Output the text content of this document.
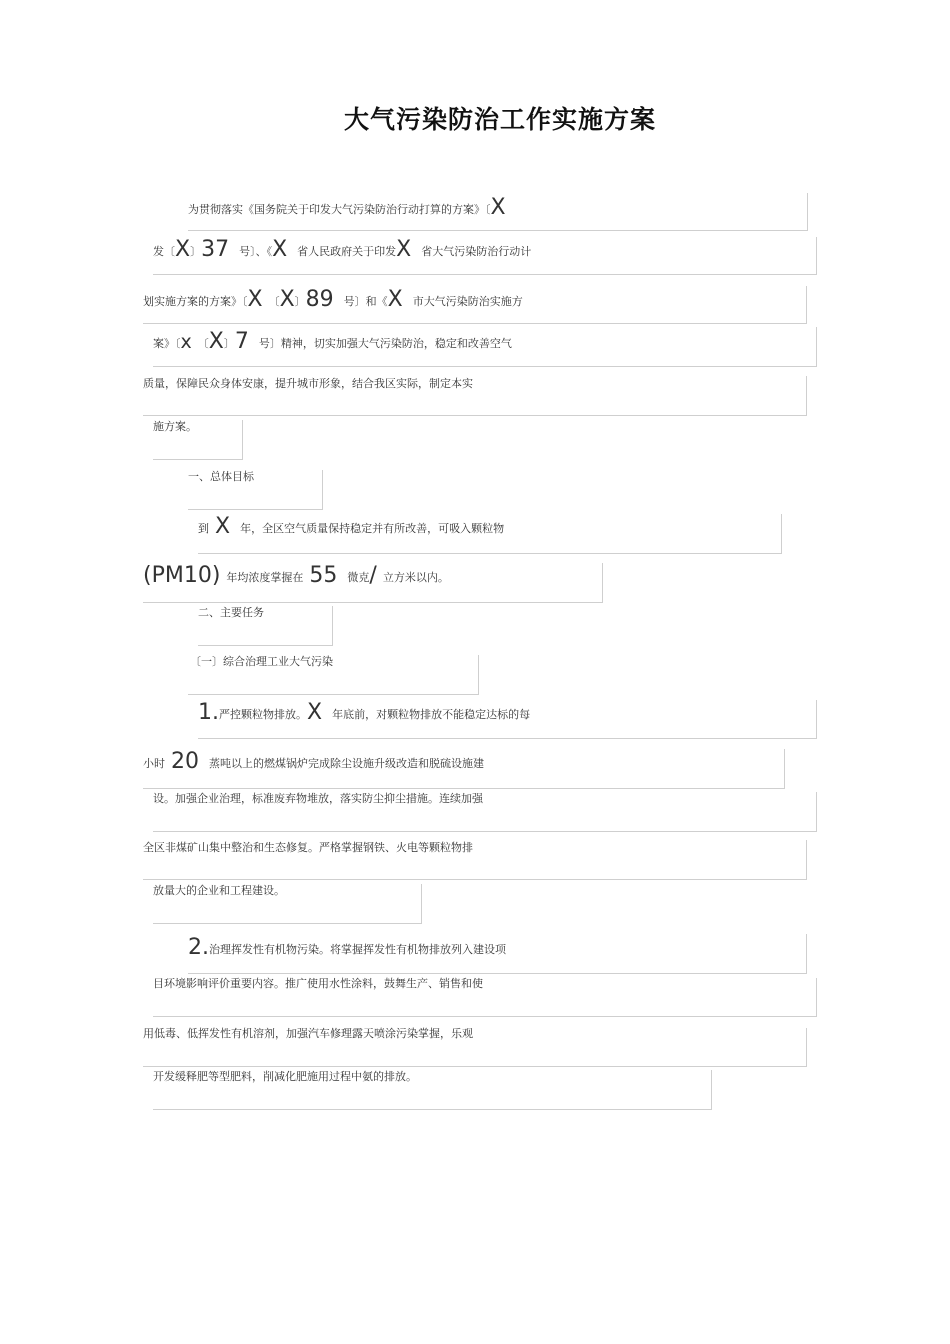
大气污染防治工作实施方案
为贯彻落实《国务院关于印发大气污染防治行动打算的方案》〔X
发〔X〕37 号〕、《X 省人民政府关于印发X 省大气污染防治行动计
划实施方案的方案》〔X 〔X〕89 号〕和《X 市大气污染防治实施方
案》〔x 〔X〕7 号〕精神，切实加强大气污染防治，稳定和改善空气
质量，保障民众身体安康，提升城市形象，结合我区实际，制定本实
施方案。
一、总体目标
到 X 年，全区空气质量保持稳定并有所改善，可吸入颗粒物
(PM10) 年均浓度掌握在 55 微克/ 立方米以内。
二、主要任务
〔一〕综合治理工业大气污染
1.严控颗粒物排放。X 年底前，对颗粒物排放不能稳定达标的每
小时 20 蒸吨以上的燃煤锅炉完成除尘设施升级改造和脱硫设施建
设。加强企业治理，标准废弃物堆放，落实防尘抑尘措施。连续加强
全区非煤矿山集中整治和生态修复。严格掌握钢铁、火电等颗粒物排
放量大的企业和工程建设。
2.治理挥发性有机物污染。将掌握挥发性有机物排放列入建设项
目环境影响评价重要内容。推广使用水性涂料，鼓舞生产、销售和使
用低毒、低挥发性有机溶剂，加强汽车修理露天喷涂污染掌握，乐观
开发缓释肥等型肥料，削减化肥施用过程中氨的排放。
